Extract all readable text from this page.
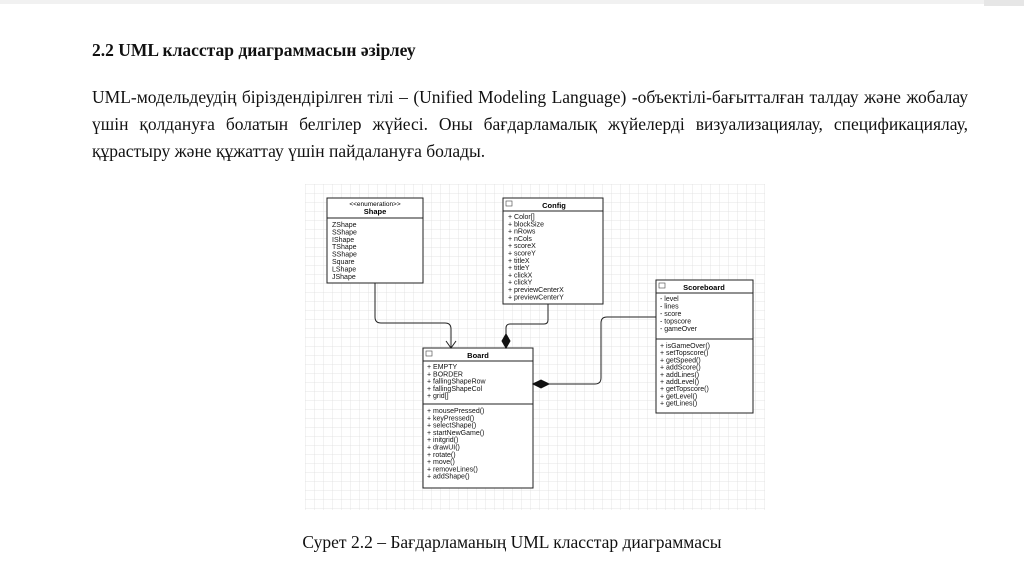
2.2 UML класстар диаграммасын әзірлеу

UML-модельдеудің біріздендірілген тілі – (Unified Modeling Language) -объектілі-бағытталған талдау және жобалау үшін қолдануға болатын белгілер жүйесі. Оны бағдарламалық жүйелерді визуализациялау, спецификациялау, құрастыру және құжаттау үшін пайдалануға болады.

<<enumeration>>
Shape
ZShape
SShape
IShape
TShape
SShape
Square
LShape
JShape
Config
+ Color[]
+ blockSize
+ nRows
+ nCols
+ scoreX
+ scoreY
+ titleX
+ titleY
+ clickX
+ clickY
+ previewCenterX
+ previewCenterY
Board
+ EMPTY
+ BORDER
+ fallingShapeRow
+ fallingShapeCol
+ grid[]
+ mousePressed()
+ keyPressed()
+ selectShape()
+ startNewGame()
+ initgrid()
+ drawUI()
+ rotate()
+ move()
+ removeLines()
+ addShape()
Scoreboard
- level
- lines
- score
- topscore
- gameOver
+ isGameOver()
+ setTopscore()
+ getSpeed()
+ addScore()
+ addLines()
+ addLevel()
+ getTopscore()
+ getLevel()
+ getLines()
Сурет 2.2 – Бағдарламаның UML класстар диаграммасы
